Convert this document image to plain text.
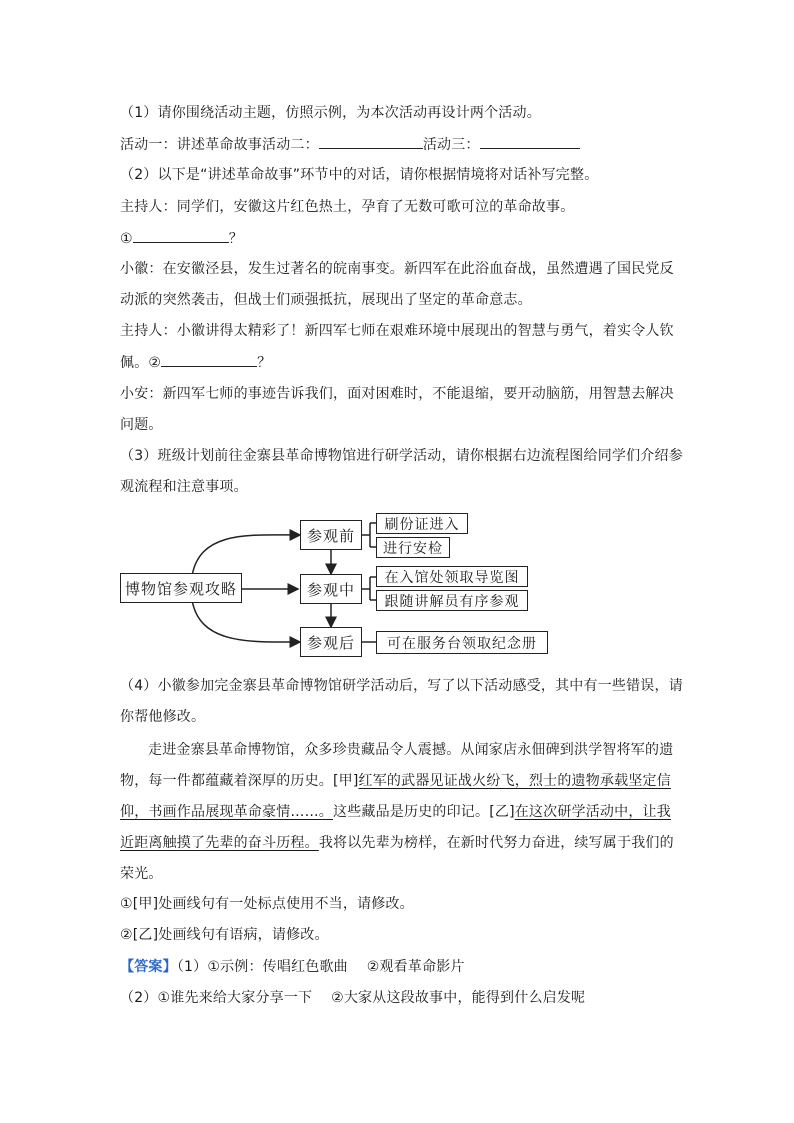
（1）请你围绕活动主题，仿照示例，为本次活动再设计两个活动。
活动一：讲述革命故事活动二：	活动三：
（2）以下是“讲述革命故事”环节中的对话，请你根据情境将对话补写完整。
主持人：同学们，安徽这片红色热土，孕育了无数可歌可泣的革命故事。
①	？
小徽：在安徽泾县，发生过著名的皖南事变。新四军在此浴血奋战，虽然遭遇了国民党反
动派的突然袭击，但战士们顽强抵抗，展现出了坚定的革命意志。
主持人：小徽讲得太精彩了！新四军七师在艰难环境中展现出的智慧与勇气，着实令人钦
佩。②	？
小安：新四军七师的事迹告诉我们，面对困难时，不能退缩，要开动脑筋，用智慧去解决
问题。
（3）班级计划前往金寨县革命博物馆进行研学活动，请你根据右边流程图给同学们介绍参
观流程和注意事项。
博物馆参观攻略
参观前
参观中
参观后
刷份证进入
进行安检
在入馆处领取导览图
跟随讲解员有序参观
可在服务台领取纪念册
（4）小徽参加完金寨县革命博物馆研学活动后，写了以下活动感受，其中有一些错误，请
你帮他修改。
走进金寨县革命博物馆，众多珍贵藏品令人震撼。从闻家店永佃碑到洪学智将军的遗
物，每一件都蕴藏着深厚的历史。[甲]红军的武器见证战火纷飞，烈士的遗物承载坚定信
仰，书画作品展现革命豪情……。这些藏品是历史的印记。[乙]在这次研学活动中，让我
近距离触摸了先辈的奋斗历程。我将以先辈为榜样，在新时代努力奋进，续写属于我们的
荣光。
①[甲]处画线句有一处标点使用不当，请修改。
②[乙]处画线句有语病，请修改。
【答案】（1）①示例：传唱红色歌曲　 ②观看革命影片
（2）①谁先来给大家分享一下　 ②大家从这段故事中，能得到什么启发呢
